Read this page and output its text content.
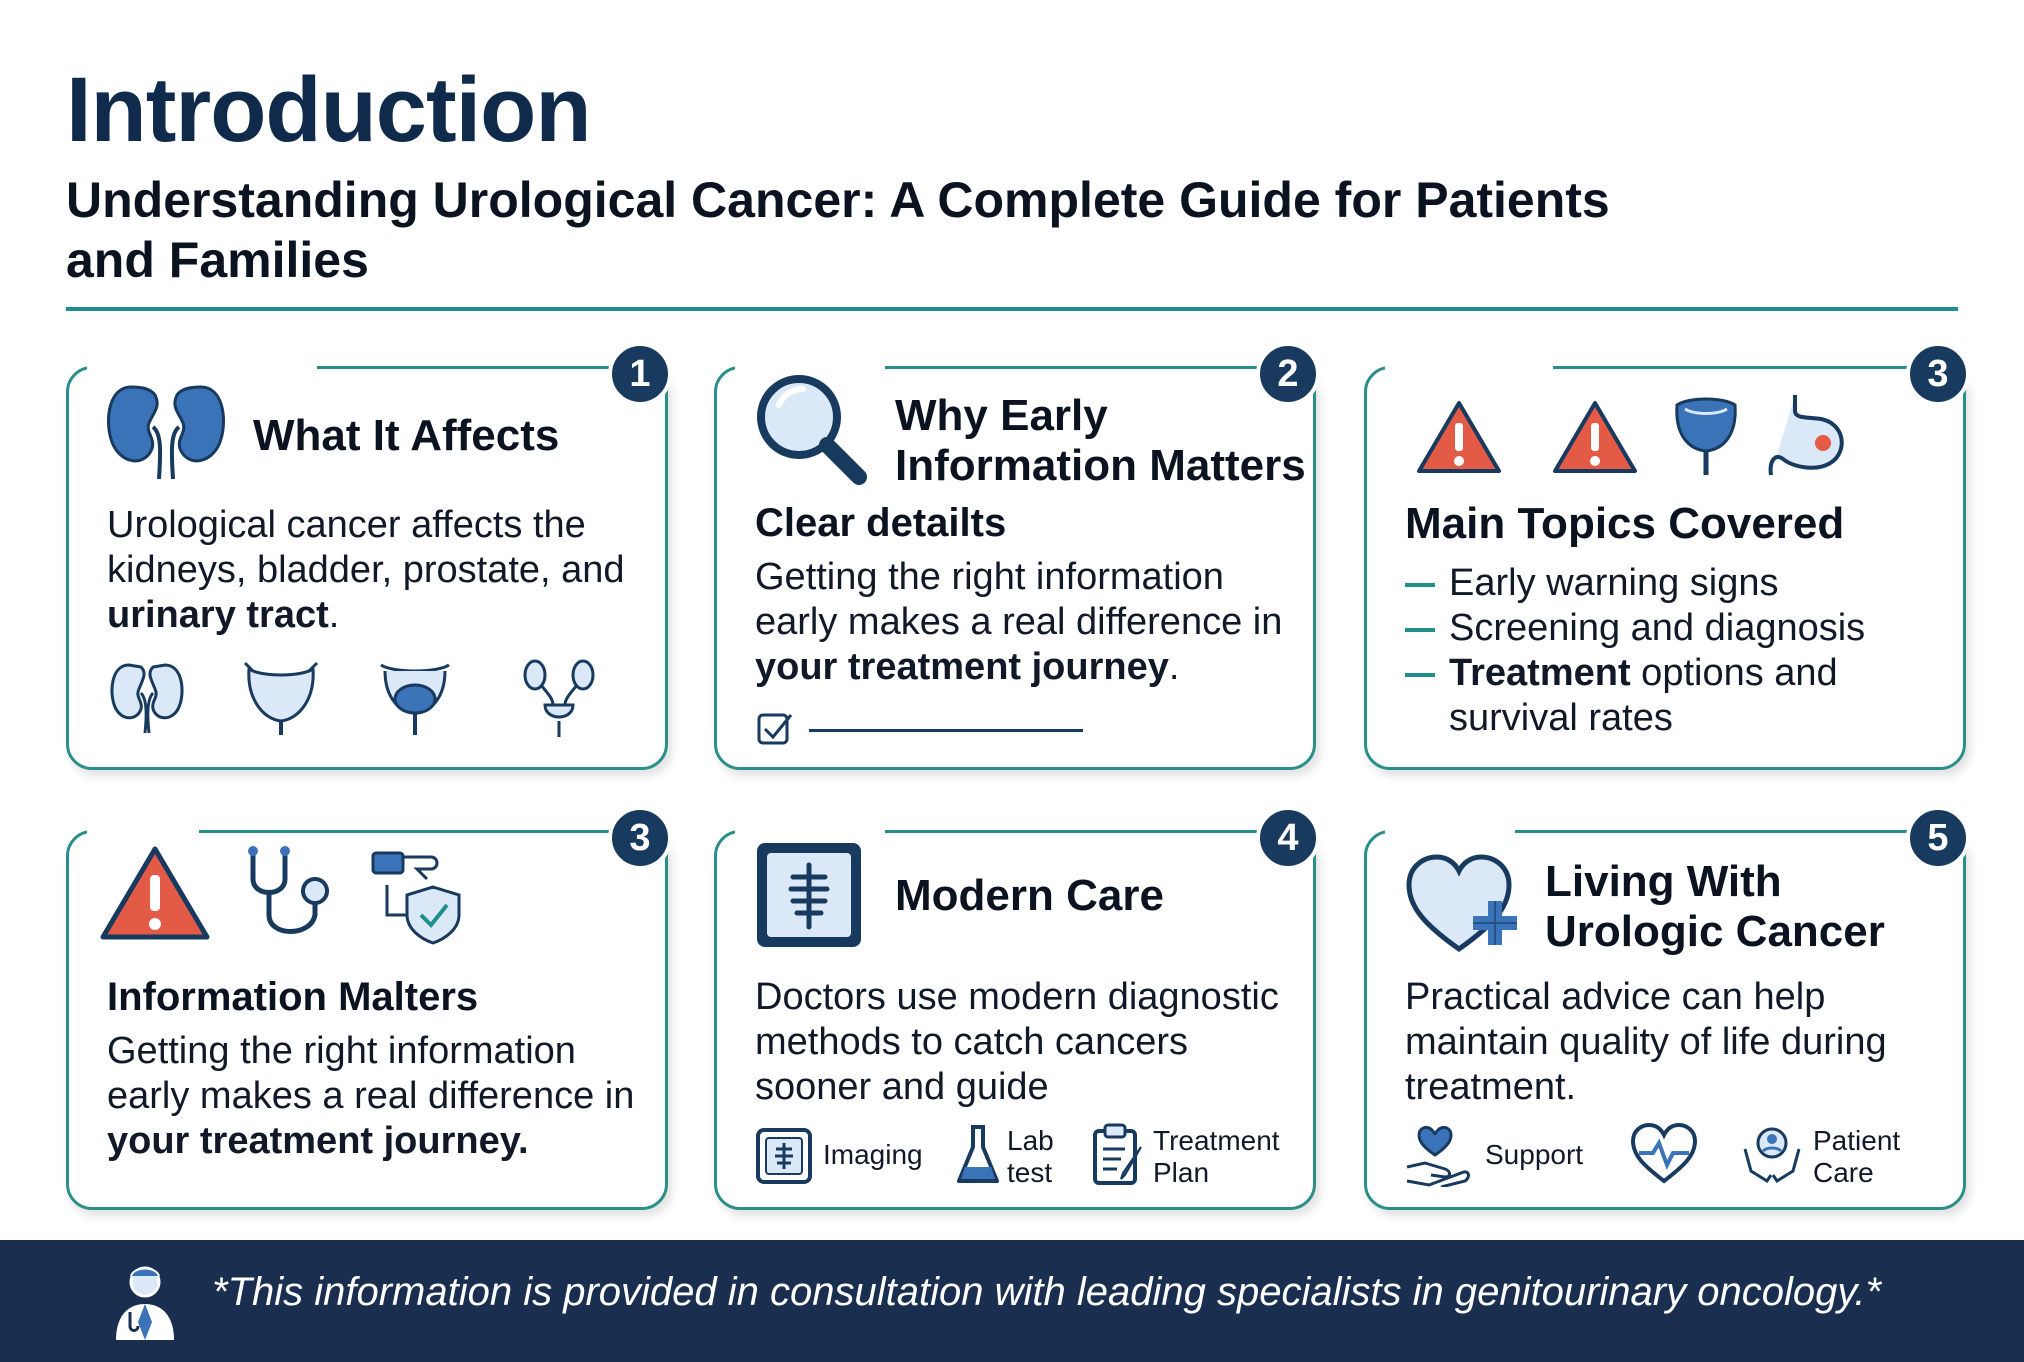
Introduction
Understanding Urological Cancer: A Complete Guide for Patients and Families
1
What It Affects
Urological cancer affects the kidneys, bladder, prostate, and urinary tract.
2
Why Early Information Matters
Clear detailts
Getting the right information early makes a real difference in your treatment journey.
3
Main Topics Covered
Early warning signs
Screening and diagnosis
Treatment options and survival rates
3
Information Malters
Getting the right information early makes a real difference in your treatment journey.
4
Modern Care
Doctors use modern diagnostic methods to catch cancers sooner and guide
Imaging	Lab test
Treatment Plan
5
Living With Urologic Cancer
Practical advice can help maintain quality of life during treatment.
Support	Patient Care
*This information is provided in consultation with leading specialists in genitourinary oncology.*
